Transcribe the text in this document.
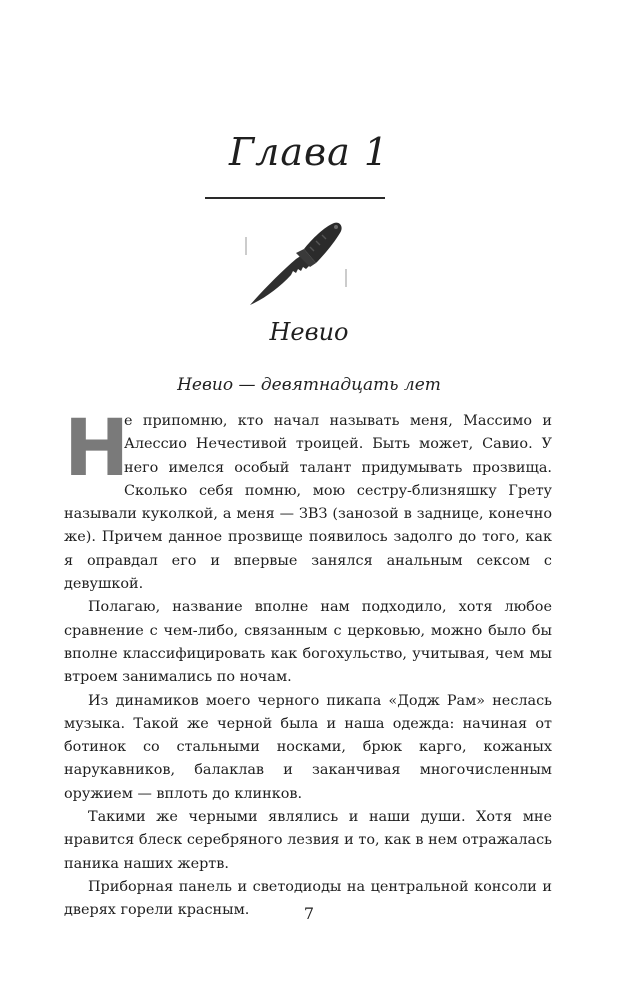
Глава 1
Невио
Невио — девятнадцать лет

Н
е припомню, кто начал называть меня, Массимо и Алессио Нечестивой троицей. Быть может, Савио. У него имелся особый талант придумывать прозвища. Сколько себя помню, мою сестру-близняшку Грету называли куколкой, а меня — ЗВЗ (занозой в заднице, конечно же). Причем данное прозвище появилось задолго до того, как я оправдал его и впервые занялся анальным сексом с девушкой.

Полагаю, название вполне нам подходило, хотя любое сравнение с чем-либо, связанным с церковью, можно было бы вполне классифицировать как богохульство, учитывая, чем мы втроем занимались по ночам.

Из динамиков моего черного пикапа «Додж Рам» неслась музыка. Такой же черной была и наша одежда: начиная от ботинок со стальными носками, брюк карго, кожаных нарукавников, балаклав и заканчивая многочисленным оружием — вплоть до клинков.

Такими же черными являлись и наши души. Хотя мне нравится блеск серебряного лезвия и то, как в нем отражалась паника наших жертв.

Приборная панель и светодиоды на центральной консоли и дверях горели красным.	7
